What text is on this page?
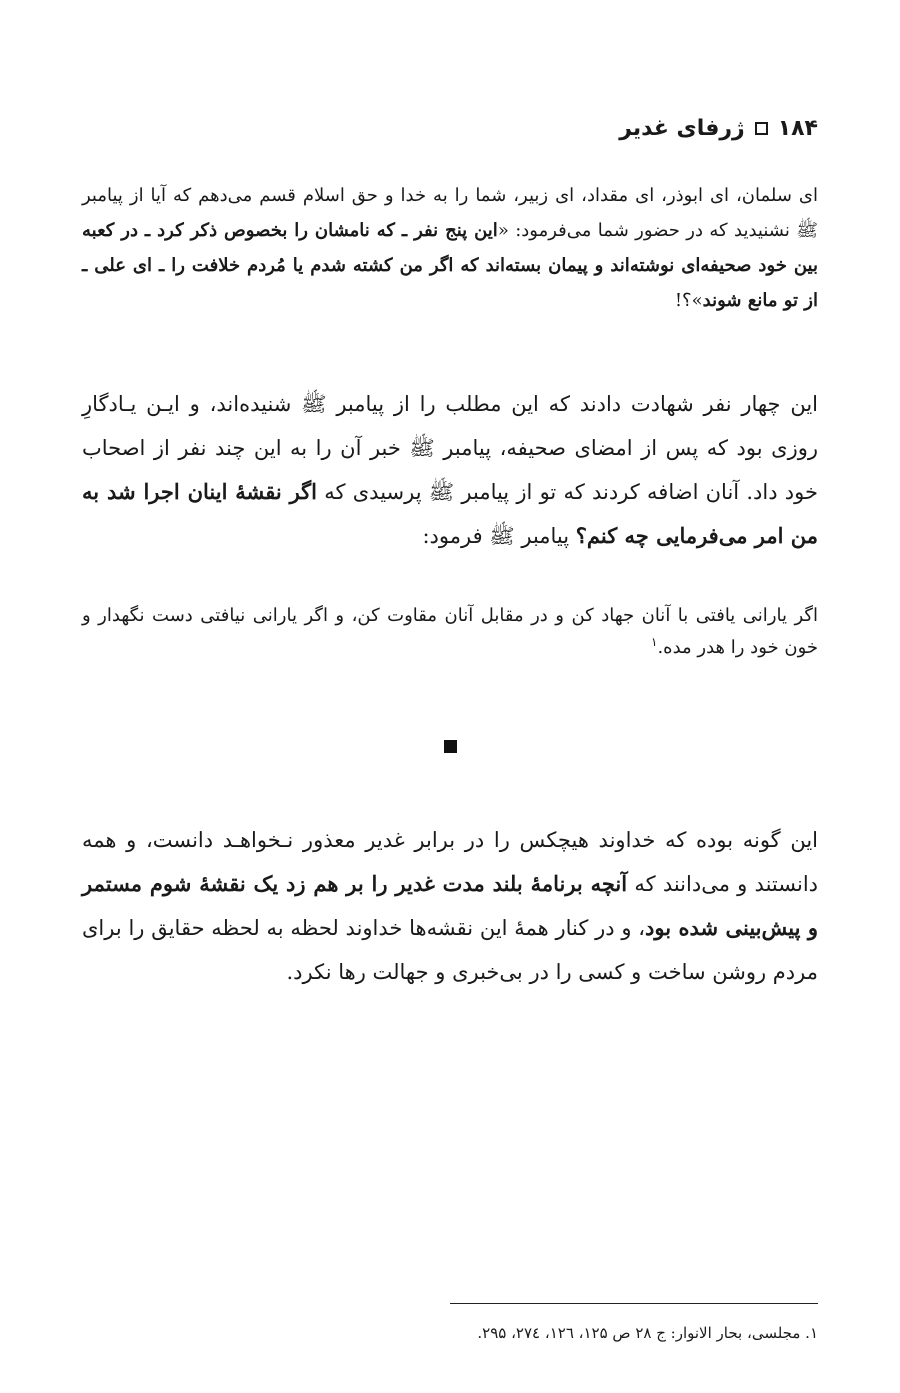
۱۸۴
ژرفای غدیر
ای سلمان، ای ابوذر، ای مقداد، ای زبیر، شما را به خدا و حق اسلام قسم می‌دهم که آیا از پیامبر ﷺ نشنیدید که در حضور شما می‌فرمود: «این پنج نفر ـ که نامشان را بخصوص ذکر کرد ـ در کعبه بین خود صحیفه‌ای نوشته‌اند و پیمان بسته‌اند که اگر من کشته شدم یا مُردم خلافت را ـ ای علی ـ از تو مانع شوند»؟!
این چهار نفر شهادت دادند که این مطلب را از پیامبر ﷺ شنیده‌اند، و ایـن یـادگارِ روزی بود که پس از امضای صحیفه، پیامبر ﷺ خبر آن را به این چند نفر از اصحاب خود داد. آنان اضافه کردند که تو از پیامبر ﷺ پرسیدی که اگر نقشهٔ اینان اجرا شد به من امر می‌فرمایی چه کنم؟ پیامبر ﷺ فرمود:
اگر یارانی یافتی با آنان جهاد کن و در مقابل آنان مقاوت کن، و اگر یارانی نیافتی دست نگهدار و خون خود را هدر مده.$^۱$
این گونه بوده که خداوند هیچکس را در برابر غدیر معذور نـخواهـد دانست، و همه دانستند و می‌دانند که آنچه برنامهٔ بلند مدت غدیر را بر هم زد یک نقشهٔ شوم مستمر و پیش‌بینی شده بود، و در کنار همهٔ این نقشه‌ها خداوند لحظه به لحظه حقایق را برای مردم روشن ساخت و کسی را در بی‌خبری و جهالت رها نکرد.
۱. مجلسی، بحار الانوار: ج ۲۸ ص ۱۲۵، ۱۲٦، ۲۷٤، ۲۹۵.
